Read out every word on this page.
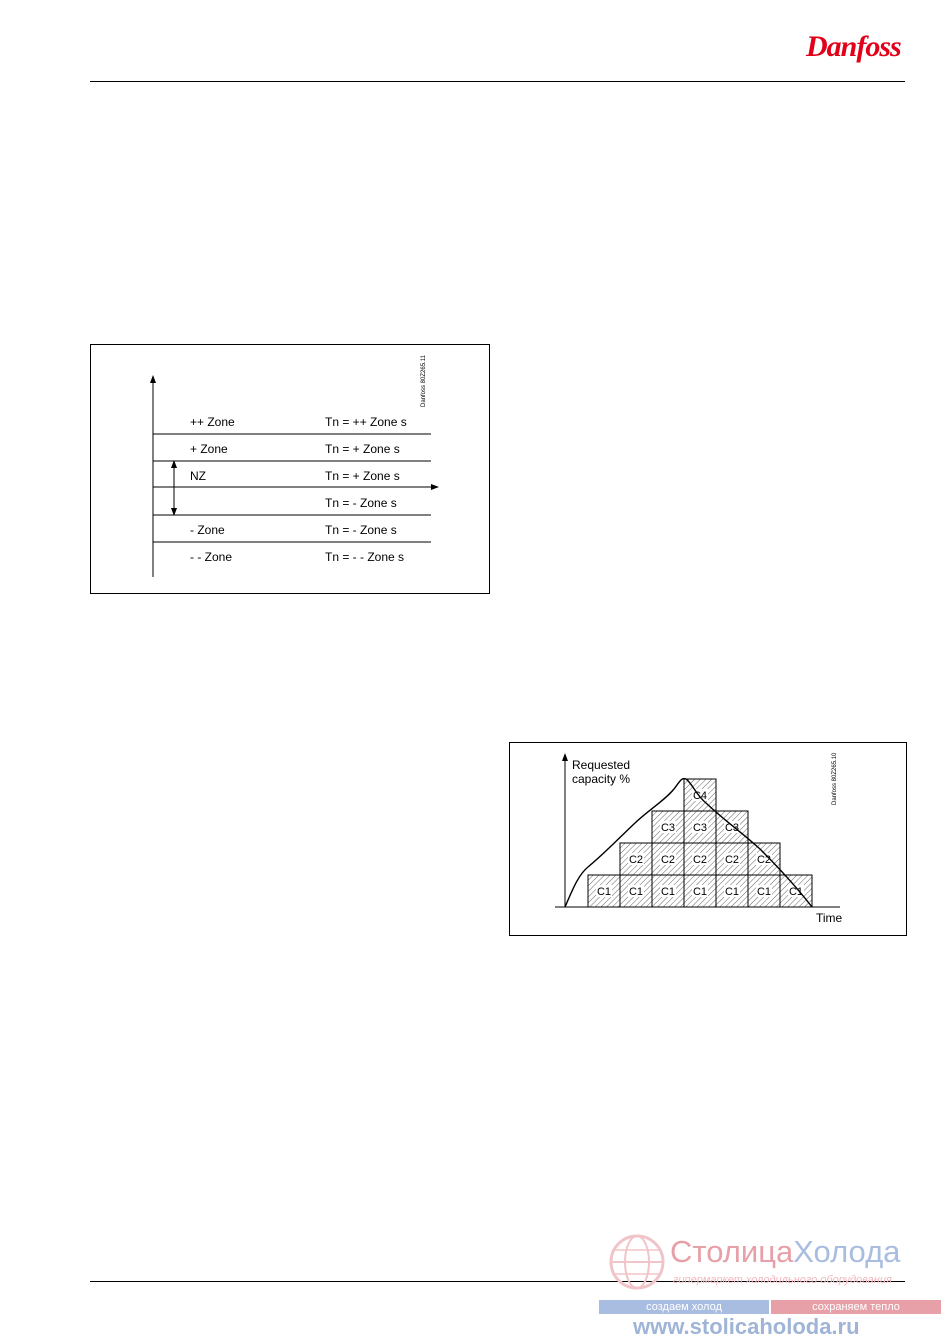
Danfoss
Danfoss 80Z265.11
++ Zone	Tn = ++ Zone s
+ Zone	Tn = + Zone s
NZ	Tn = + Zone s
Tn = - Zone s
- Zone	Tn = - Zone s
- - Zone	Tn = - - Zone s
C1 C1 C1 C1 C1 C1 C1
C2 C2 C2 C2 C2
C3 C3 C3
C4
Requested
capacity %
Time
Danfoss 80Z265.10
СтолицаХолода
гипермаркет холодильного оборудования
создаем холод	сохраняем тепло
www.stolicaholoda.ru
